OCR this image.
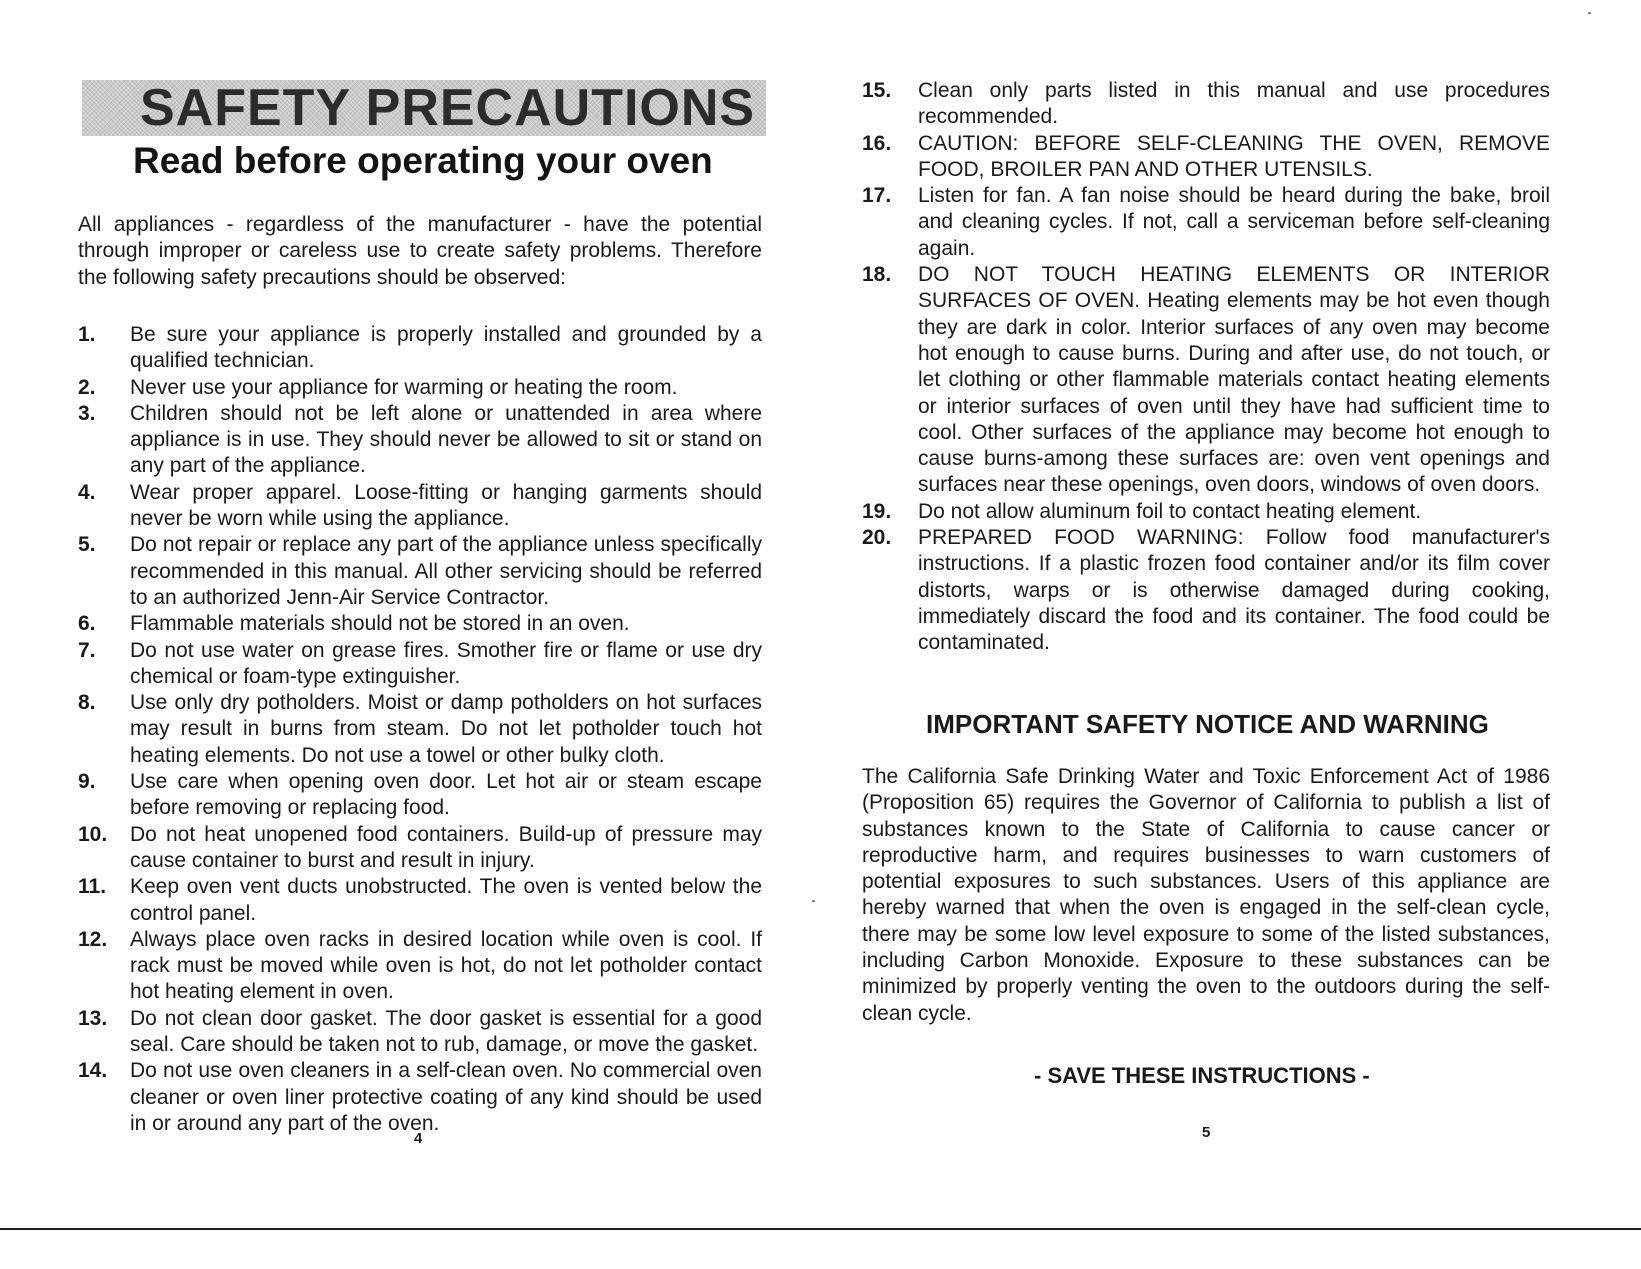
SAFETY PRECAUTIONS
Read before operating your oven

All appliances - regardless of the manufacturer - have the potential through improper or careless use to create safety problems. Therefore the following safety precautions should be observed:

1. Be sure your appliance is properly installed and grounded by a qualified technician.
2. Never use your appliance for warming or heating the room.
3. Children should not be left alone or unattended in area where appliance is in use. They should never be allowed to sit or stand on any part of the appliance.
4. Wear proper apparel. Loose-fitting or hanging garments should never be worn while using the appliance.
5. Do not repair or replace any part of the appliance unless specifically recommended in this manual. All other servicing should be referred to an authorized Jenn-Air Service Contractor.
6. Flammable materials should not be stored in an oven.
7. Do not use water on grease fires. Smother fire or flame or use dry chemical or foam-type extinguisher.
8. Use only dry potholders. Moist or damp potholders on hot surfaces may result in burns from steam. Do not let potholder touch hot heating elements. Do not use a towel or other bulky cloth.
9. Use care when opening oven door. Let hot air or steam escape before removing or replacing food.
10. Do not heat unopened food containers. Build-up of pressure may cause container to burst and result in injury.
11. Keep oven vent ducts unobstructed. The oven is vented below the control panel.
12. Always place oven racks in desired location while oven is cool. If rack must be moved while oven is hot, do not let potholder contact hot heating element in oven.
13. Do not clean door gasket. The door gasket is essential for a good seal. Care should be taken not to rub, damage, or move the gasket.
14. Do not use oven cleaners in a self-clean oven. No commercial oven cleaner or oven liner protective coating of any kind should be used in or around any part of the oven.
4
15. Clean only parts listed in this manual and use procedures recommended.
16. CAUTION: BEFORE SELF-CLEANING THE OVEN, REMOVE FOOD, BROILER PAN AND OTHER UTENSILS.
17. Listen for fan. A fan noise should be heard during the bake, broil and cleaning cycles. If not, call a serviceman before self-cleaning again.
18. DO NOT TOUCH HEATING ELEMENTS OR INTERIOR SURFACES OF OVEN. Heating elements may be hot even though they are dark in color. Interior surfaces of any oven may become hot enough to cause burns. During and after use, do not touch, or let clothing or other flammable materials contact heating elements or interior surfaces of oven until they have had sufficient time to cool. Other surfaces of the appliance may become hot enough to cause burns-among these surfaces are: oven vent openings and surfaces near these openings, oven doors, windows of oven doors.
19. Do not allow aluminum foil to contact heating element.
20. PREPARED FOOD WARNING: Follow food manufacturer's instructions. If a plastic frozen food container and/or its film cover distorts, warps or is otherwise damaged during cooking, immediately discard the food and its container. The food could be contaminated.
IMPORTANT SAFETY NOTICE AND WARNING

The California Safe Drinking Water and Toxic Enforcement Act of 1986 (Proposition 65) requires the Governor of California to publish a list of substances known to the State of California to cause cancer or reproductive harm, and requires businesses to warn customers of potential exposures to such substances. Users of this appliance are hereby warned that when the oven is engaged in the self-clean cycle, there may be some low level exposure to some of the listed substances, including Carbon Monoxide. Exposure to these substances can be minimized by properly venting the oven to the outdoors during the self-clean cycle.

- SAVE THESE INSTRUCTIONS -
5
